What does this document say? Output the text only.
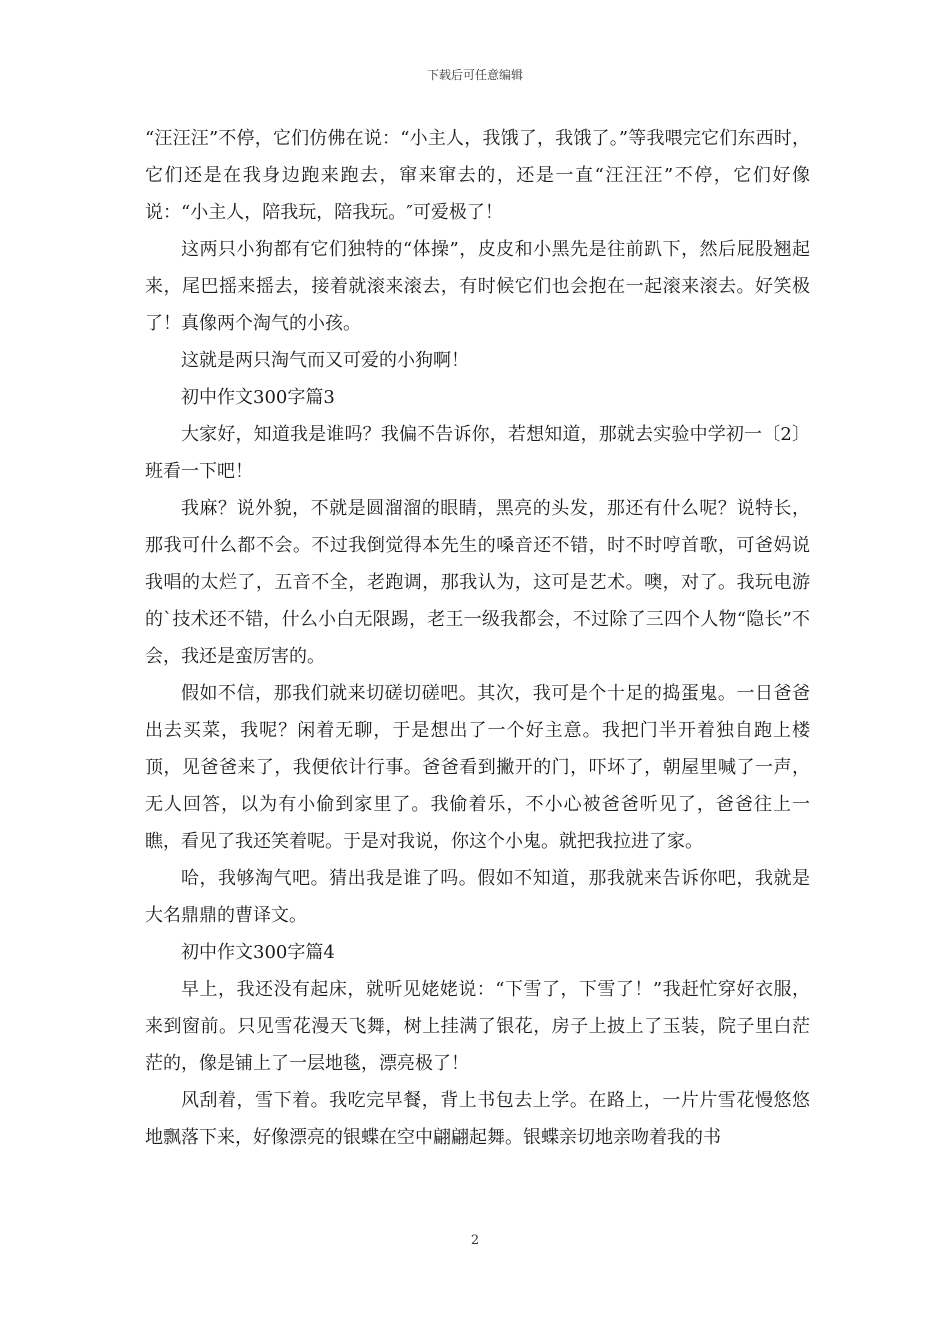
下载后可任意编辑

“汪汪汪”不停，它们仿佛在说：“小主人，我饿了，我饿了。”等我喂完它们东西时，它们还是在我身边跑来跑去，窜来窜去的，还是一直“汪汪汪”不停，它们好像说：“小主人，陪我玩，陪我玩。″可爱极了！

这两只小狗都有它们独特的“体操”，皮皮和小黑先是往前趴下，然后屁股翘起来，尾巴摇来摇去，接着就滚来滚去，有时候它们也会抱在一起滚来滚去。好笑极了！真像两个淘气的小孩。

这就是两只淘气而又可爱的小狗啊！

初中作文300字篇3

大家好，知道我是谁吗？我偏不告诉你，若想知道，那就去实验中学初一〔2〕班看一下吧！

我麻？说外貌，不就是圆溜溜的眼睛，黑亮的头发，那还有什么呢？说特长，那我可什么都不会。不过我倒觉得本先生的嗓音还不错，时不时哼首歌，可爸妈说我唱的太烂了，五音不全，老跑调，那我认为，这可是艺术。噢，对了。我玩电游的`技术还不错，什么小白无限踢，老王一级我都会，不过除了三四个人物“隐长”不会，我还是蛮厉害的。

假如不信，那我们就来切磋切磋吧。其次，我可是个十足的捣蛋鬼。一日爸爸出去买菜，我呢？闲着无聊，于是想出了一个好主意。我把门半开着独自跑上楼顶，见爸爸来了，我便依计行事。爸爸看到撇开的门，吓坏了，朝屋里喊了一声，无人回答，以为有小偷到家里了。我偷着乐，不小心被爸爸听见了，爸爸往上一瞧，看见了我还笑着呢。于是对我说，你这个小鬼。就把我拉进了家。

哈，我够淘气吧。猜出我是谁了吗。假如不知道，那我就来告诉你吧，我就是大名鼎鼎的曹译文。

初中作文300字篇4

早上，我还没有起床，就听见姥姥说：“下雪了，下雪了！”我赶忙穿好衣服，来到窗前。只见雪花漫天飞舞，树上挂满了银花，房子上披上了玉装，院子里白茫茫的，像是铺上了一层地毯，漂亮极了！

风刮着，雪下着。我吃完早餐，背上书包去上学。在路上，一片片雪花慢悠悠地飘落下来，好像漂亮的银蝶在空中翩翩起舞。银蝶亲切地亲吻着我的书

2
